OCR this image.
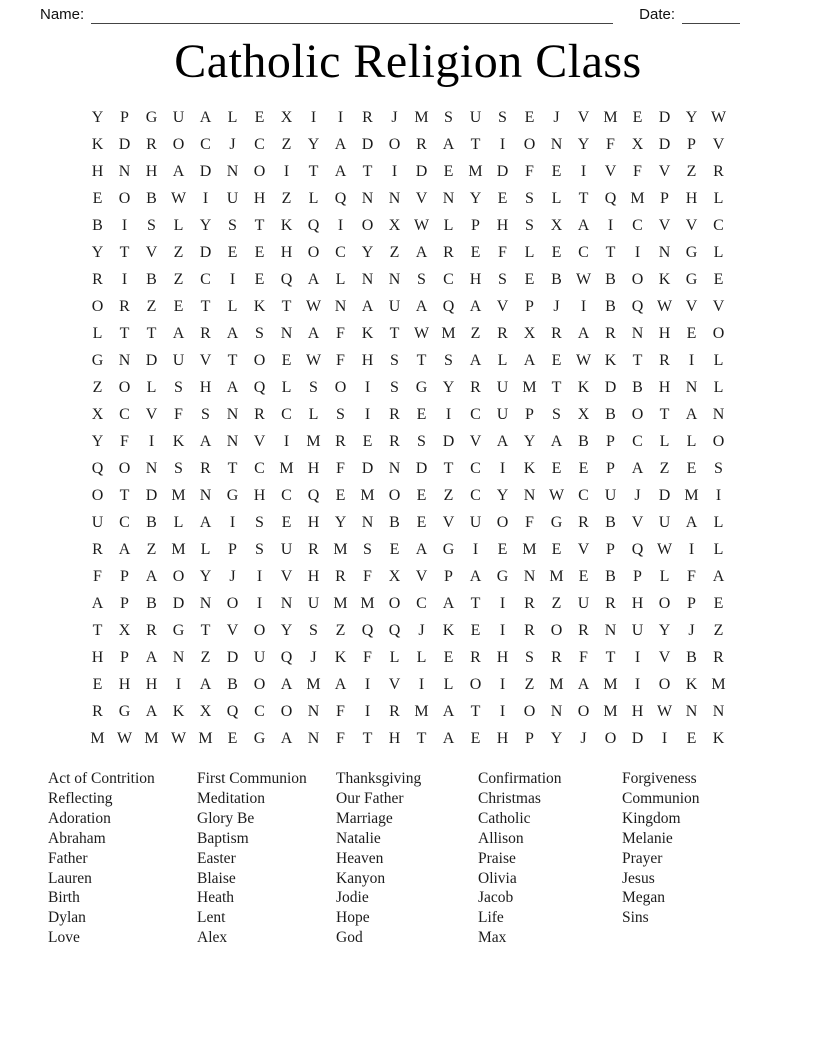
Name:	Date:
Catholic Religion Class
Y	P	G U A	L	E	X	I	I	R	J	M S	U	S	E	J	V M E	D Y W
K D R O C	J	C	Z	Y A D O R A	T	I	O N Y	F	X D	P	V
H N H A D N O	I	T	A	T	I	D	E M D	F	E	I	V	F	V	Z	R
E	O B W	I	U H	Z	L	Q N N V N Y	E	S	L	T	Q M P	H	L
B	I	S	L	Y	S	T	K Q	I	O X W L	P	H	S	X A	I	C V V C
Y	T	V	Z	D	E	E	H O C Y	Z	A R	E	F	L	E	C	T	I	N G	L
R	I	B	Z	C	I	E	Q A	L	N N	S	C H	S	E	B W B O K G	E
O R	Z	E	T	L	K	T W N A U A Q A V	P	J	I	B Q W V V
L	T	T	A R A	S	N A	F	K	T W M Z	R X R A R N H	E	O
G N D U V	T	O	E W F	H	S	T	S	A	L	A	E W K	T	R	I	L
Z	O	L	S	H A Q	L	S	O	I	S	G Y R U M T	K D B H N	L
X C V	F	S	N R	C	L	S	I	R	E	I	C U	P	S	X B O	T	A N
Y	F	I	K A N V	I	M R	E	R	S	D V A Y A B	P	C	L	L	O
Q O N	S	R	T	C M H	F	D N D	T	C	I	K	E	E	P	A	Z	E	S
O	T	D M N G H C Q	E M O	E	Z	C Y N W C U	J	D M	I
U C	B	L	A	I	S	E	H Y N B	E	V U O	F	G R	B V U A	L
R A	Z M L	P	S	U R M S	E	A G	I	E M E	V	P	Q W	I	L
F	P	A O Y	J	I	V H R	F	X V	P	A G N M E	B	P	L	F	A
A	P	B D N O	I	N U M M O C A	T	I	R	Z	U R H O	P	E
T	X R G	T	V O Y	S	Z	Q Q	J	K	E	I	R O R N U Y	J	Z
H	P	A N	Z	D U Q	J	K	F	L	L	E	R H	S	R	F	T	I	V B	R
E	H H	I	A B O A M A	I	V	I	L	O	I	Z M A M	I	O K M
R G A K X Q C O N	F	I	R M A	T	I	O N O M H W N N
M W M W M E	G A N	F	T	H	T	A	E	H	P	Y	J	O D	I	E	K
Act of Contrition
Reflecting
Adoration
Abraham
Father
Lauren
Birth
Dylan
Love
First Communion
Meditation
Glory Be
Baptism
Easter
Blaise
Heath
Lent
Alex
Thanksgiving
Our Father
Marriage
Natalie
Heaven
Kanyon
Jodie
Hope
God
Confirmation
Christmas
Catholic
Allison
Praise
Olivia
Jacob
Life
Max
Forgiveness
Communion
Kingdom
Melanie
Prayer
Jesus
Megan
Sins
